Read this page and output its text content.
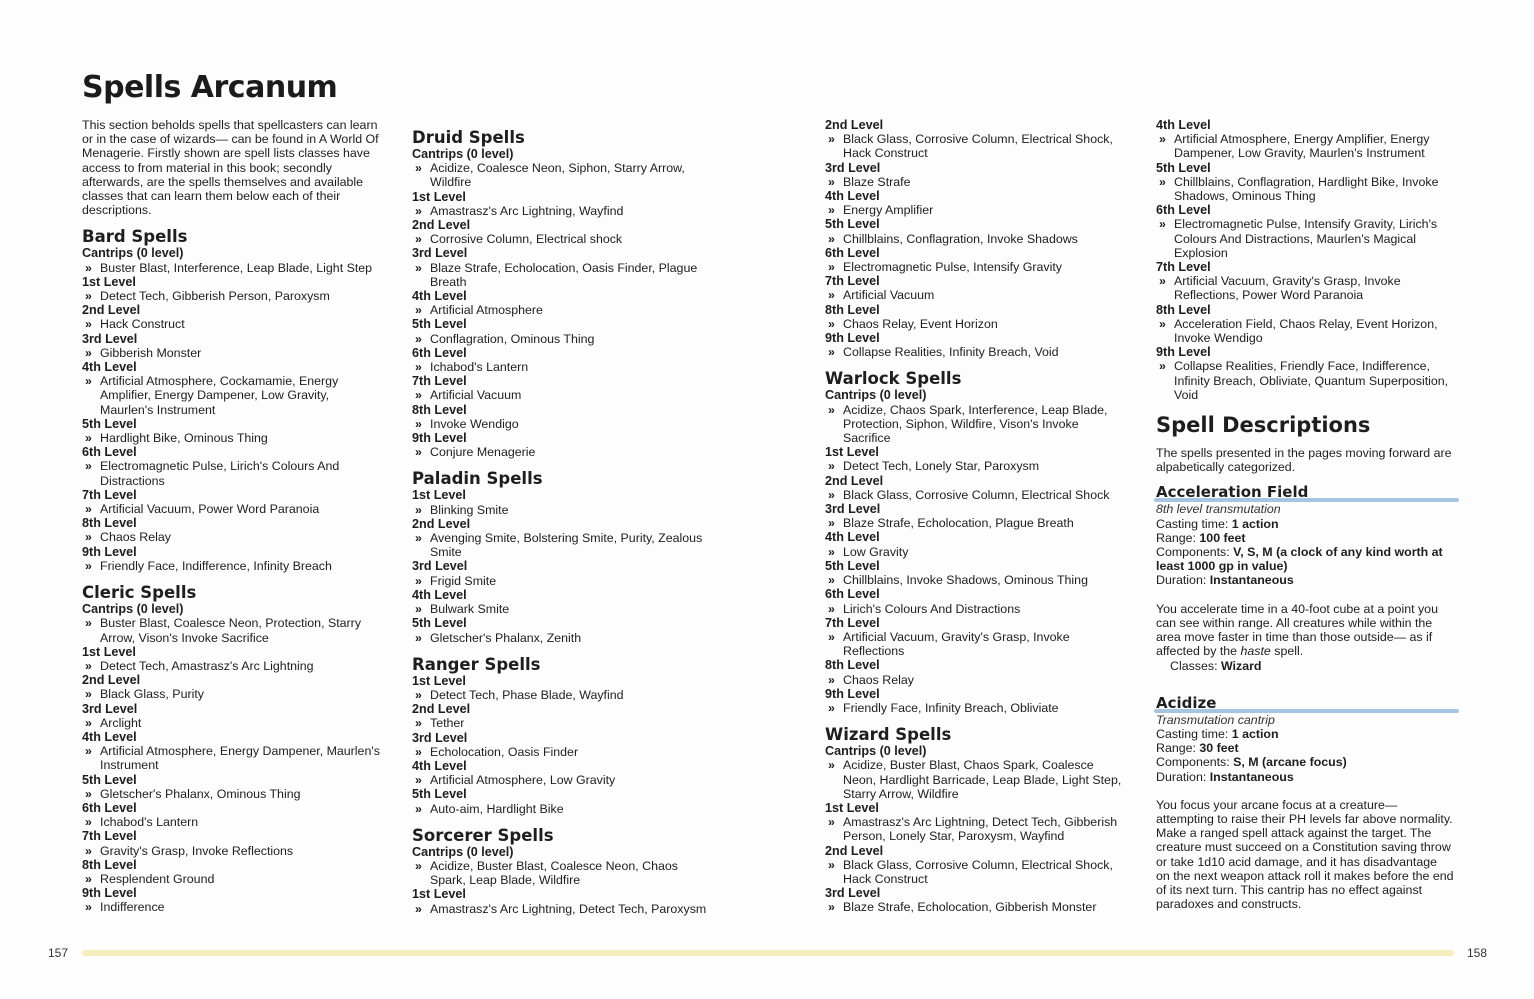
Spells Arcanum

This section beholds spells that spellcasters can learn or in the case of wizards— can be found in A World Of Menagerie. Firstly shown are spell lists classes have access to from material in this book; secondly afterwards, are the spells themselves and available classes that can learn them below each of their descriptions.

Bard Spells
Cantrips (0 level)
» Buster Blast, Interference, Leap Blade, Light Step
1st Level
» Detect Tech, Gibberish Person, Paroxysm
2nd Level
» Hack Construct
3rd Level
» Gibberish Monster
4th Level
» Artificial Atmosphere, Cockamamie, Energy Amplifier, Energy Dampener, Low Gravity, Maurlen's Instrument
5th Level
» Hardlight Bike, Ominous Thing
6th Level
» Electromagnetic Pulse, Lirich's Colours And Distractions
7th Level
» Artificial Vacuum, Power Word Paranoia
8th Level
» Chaos Relay
9th Level
» Friendly Face, Indifference, Infinity Breach
Cleric Spells
Cantrips (0 level)
» Buster Blast, Coalesce Neon, Protection, Starry Arrow, Vison's Invoke Sacrifice
1st Level
» Detect Tech, Amastrasz's Arc Lightning
2nd Level
» Black Glass, Purity
3rd Level
» Arclight
4th Level
» Artificial Atmosphere, Energy Dampener, Maurlen's Instrument
5th Level
» Gletscher's Phalanx, Ominous Thing
6th Level
» Ichabod's Lantern
7th Level
» Gravity's Grasp, Invoke Reflections
8th Level
» Resplendent Ground
9th Level
» Indifference
Druid Spells
Cantrips (0 level)
» Acidize, Coalesce Neon, Siphon, Starry Arrow, Wildfire
1st Level
» Amastrasz's Arc Lightning, Wayfind
2nd Level
» Corrosive Column, Electrical shock
3rd Level
» Blaze Strafe, Echolocation, Oasis Finder, Plague Breath
4th Level
» Artificial Atmosphere
5th Level
» Conflagration, Ominous Thing
6th Level
» Ichabod's Lantern
7th Level
» Artificial Vacuum
8th Level
» Invoke Wendigo
9th Level
» Conjure Menagerie
Paladin Spells
1st Level
» Blinking Smite
2nd Level
» Avenging Smite, Bolstering Smite, Purity, Zealous Smite
3rd Level
» Frigid Smite
4th Level
» Bulwark Smite
5th Level
» Gletscher's Phalanx, Zenith
Ranger Spells
1st Level
» Detect Tech, Phase Blade, Wayfind
2nd Level
» Tether
3rd Level
» Echolocation, Oasis Finder
4th Level
» Artificial Atmosphere, Low Gravity
5th Level
» Auto-aim, Hardlight Bike
Sorcerer Spells
Cantrips (0 level)
» Acidize, Buster Blast, Coalesce Neon, Chaos Spark, Leap Blade, Wildfire
1st Level
» Amastrasz's Arc Lightning, Detect Tech, Paroxysm
2nd Level
» Black Glass, Corrosive Column, Electrical Shock, Hack Construct
3rd Level
» Blaze Strafe
4th Level
» Energy Amplifier
5th Level
» Chillblains, Conflagration, Invoke Shadows
6th Level
» Electromagnetic Pulse, Intensify Gravity
7th Level
» Artificial Vacuum
8th Level
» Chaos Relay, Event Horizon
9th Level
» Collapse Realities, Infinity Breach, Void
Warlock Spells
Cantrips (0 level)
» Acidize, Chaos Spark, Interference, Leap Blade, Protection, Siphon, Wildfire, Vison's Invoke Sacrifice
1st Level
» Detect Tech, Lonely Star, Paroxysm
2nd Level
» Black Glass, Corrosive Column, Electrical Shock
3rd Level
» Blaze Strafe, Echolocation, Plague Breath
4th Level
» Low Gravity
5th Level
» Chillblains, Invoke Shadows, Ominous Thing
6th Level
» Lirich's Colours And Distractions
7th Level
» Artificial Vacuum, Gravity's Grasp, Invoke Reflections
8th Level
» Chaos Relay
9th Level
» Friendly Face, Infinity Breach, Obliviate
Wizard Spells
Cantrips (0 level)
» Acidize, Buster Blast, Chaos Spark, Coalesce Neon, Hardlight Barricade, Leap Blade, Light Step, Starry Arrow, Wildfire
1st Level
» Amastrasz's Arc Lightning, Detect Tech, Gibberish Person, Lonely Star, Paroxysm, Wayfind
2nd Level
» Black Glass, Corrosive Column, Electrical Shock, Hack Construct
3rd Level
» Blaze Strafe, Echolocation, Gibberish Monster
4th Level
» Artificial Atmosphere, Energy Amplifier, Energy Dampener, Low Gravity, Maurlen's Instrument
5th Level
» Chillblains, Conflagration, Hardlight Bike, Invoke Shadows, Ominous Thing
6th Level
» Electromagnetic Pulse, Intensify Gravity, Lirich's Colours And Distractions, Maurlen's Magical Explosion
7th Level
» Artificial Vacuum, Gravity's Grasp, Invoke Reflections, Power Word Paranoia
8th Level
» Acceleration Field, Chaos Relay, Event Horizon, Invoke Wendigo
9th Level
» Collapse Realities, Friendly Face, Indifference, Infinity Breach, Obliviate, Quantum Superposition, Void
Spell Descriptions

The spells presented in the pages moving forward are alpabetically categorized.

Acceleration Field
8th level transmutation
Casting time: 1 action
Range: 100 feet
Components: V, S, M (a clock of any kind worth at least 1000 gp in value)
Duration: Instantaneous
You accelerate time in a 40-foot cube at a point you can see within range. All creatures while within the area move faster in time than those outside— as if affected by the haste spell.
Classes: Wizard
Acidize
Transmutation cantrip
Casting time: 1 action
Range: 30 feet
Components: S, M (arcane focus)
Duration: Instantaneous
You focus your arcane focus at a creature— attempting to raise their PH levels far above normality. Make a ranged spell attack against the target. The creature must succeed on a Constitution saving throw or take 1d10 acid damage, and it has disadvantage on the next weapon attack roll it makes before the end of its next turn. This cantrip has no effect against paradoxes and constructs.
157	158
